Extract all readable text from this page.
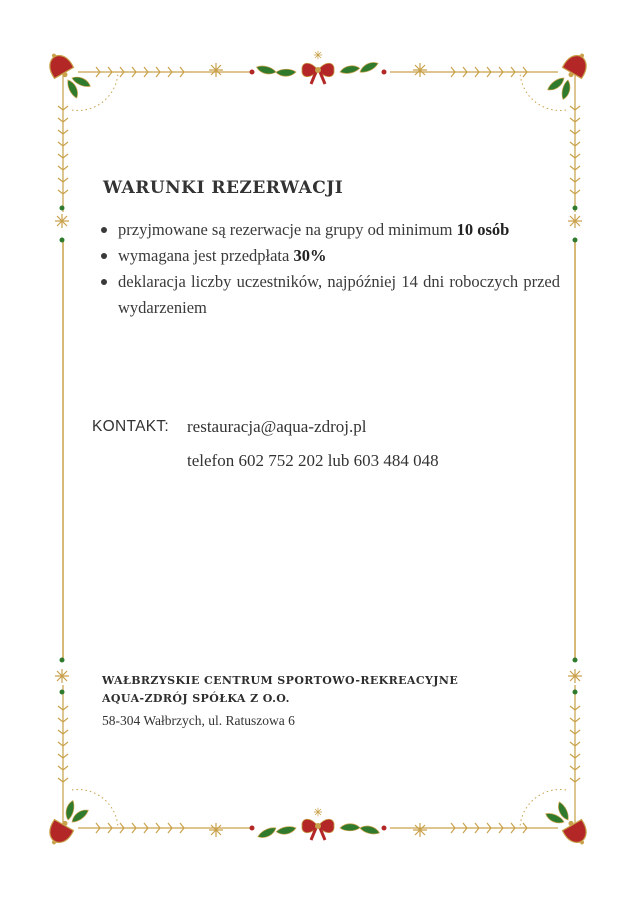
WARUNKI REZERWACJI
przyjmowane są rezerwacje na grupy od minimum 10 osób
wymagana jest przedpłata 30%
deklaracja liczby uczestników, najpóźniej 14 dni roboczych przed wydarzeniem

KONTAKT: restauracja@aqua-zdroj.pl

telefon 602 752 202 lub 603 484 048

WAŁBRZYSKIE CENTRUM SPORTOWO-REKREACYJNE
AQUA-ZDRÓJ SPÓŁKA Z O.O.

58-304 Wałbrzych, ul. Ratuszowa 6
